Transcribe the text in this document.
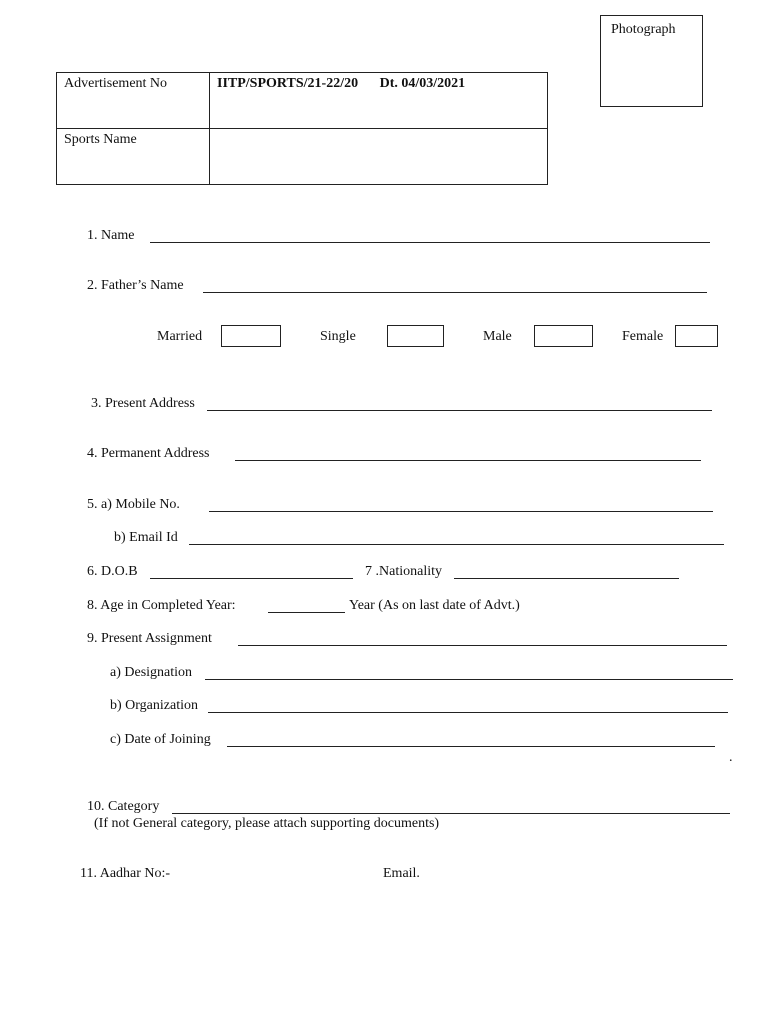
Photograph
Advertisement No	IITP/SPORTS/21-22/20 Dt. 04/03/2021
Sports Name	
1. Name
2. Father’s Name
Married	Single	Male	Female
3. Present Address
4. Permanent Address
5. a) Mobile No.
b) Email Id
6. D.O.B	7 .Nationality
8. Age in Completed Year:	Year (As on last date of Advt.)
9. Present Assignment
a) Designation
b) Organization
c) Date of Joining
.
10. Category
(If not General category, please attach supporting documents)
11. Aadhar No:-	Email.
